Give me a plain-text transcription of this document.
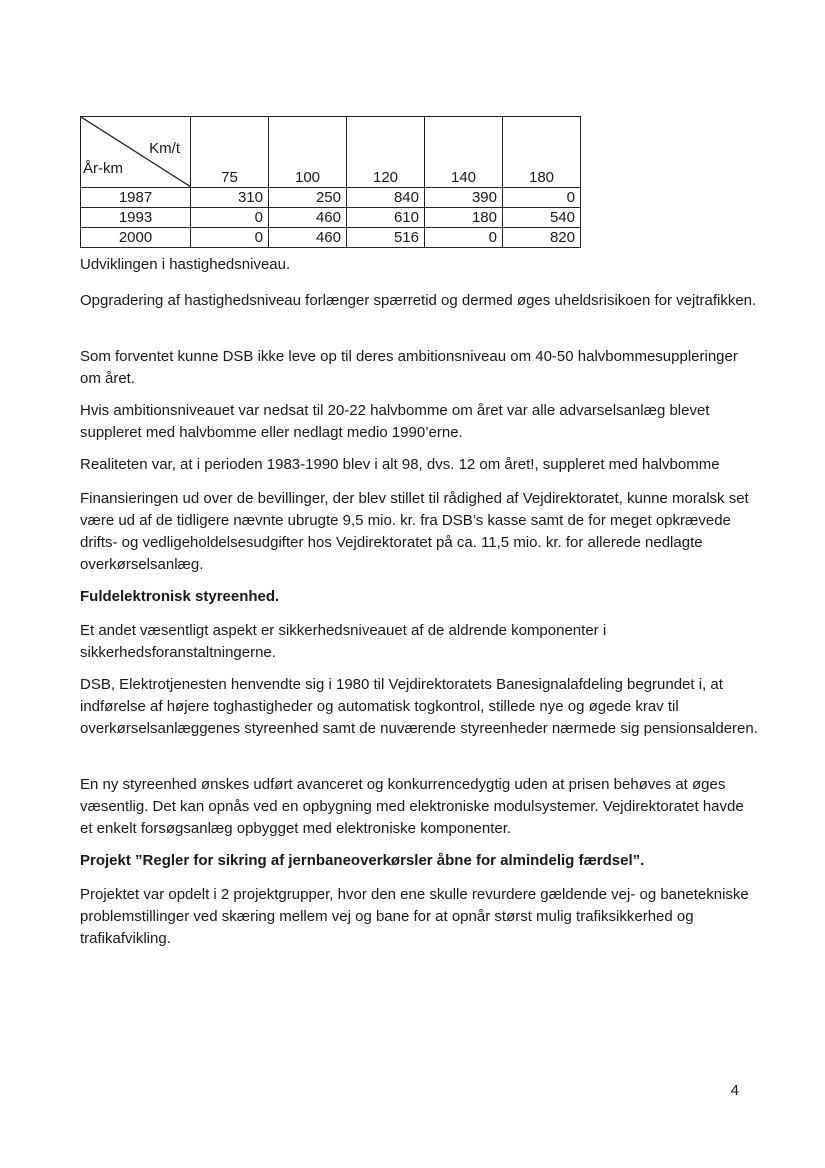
Km/t
År-km	75	100	120	140	180
1987	310	250	840	390	0
1993	0	460	610	180	540
2000	0	460	516	0	820
Udviklingen i hastighedsniveau.

Opgradering af hastighedsniveau forlænger spærretid og dermed øges uheldsrisikoen for vejtrafikken.

Som forventet kunne DSB ikke leve op til deres ambitionsniveau om 40-50 halvbommesuppleringer om året.

Hvis ambitionsniveauet var nedsat til 20-22 halvbomme om året var alle advarselsanlæg blevet suppleret med halvbomme eller nedlagt medio 1990’erne.

Realiteten var, at i perioden 1983-1990 blev i alt 98, dvs. 12 om året!, suppleret med halvbomme

Finansieringen ud over de bevillinger, der blev stillet til rådighed af Vejdirektoratet, kunne moralsk set være ud af de tidligere nævnte ubrugte 9,5 mio. kr. fra DSB’s kasse samt de for meget opkrævede drifts- og vedligeholdelsesudgifter hos Vejdirektoratet på ca. 11,5 mio. kr. for allerede nedlagte overkørselsanlæg.

Fuldelektronisk styreenhed.

Et andet væsentligt aspekt er sikkerhedsniveauet af de aldrende komponenter i sikkerhedsforanstaltningerne.

DSB, Elektrotjenesten henvendte sig i 1980 til Vejdirektoratets Banesignalafdeling begrundet i, at indførelse af højere toghastigheder og automatisk togkontrol, stillede nye og øgede krav til overkørselsanlæggenes styreenhed samt de nuværende styreenheder nærmede sig pensionsalderen.

En ny styreenhed ønskes udført avanceret og konkurrencedygtig uden at prisen behøves at øges væsentlig. Det kan opnås ved en opbygning med elektroniske modulsystemer. Vejdirektoratet havde et enkelt forsøgsanlæg opbygget med elektroniske komponenter.

Projekt ”Regler for sikring af jernbaneoverkørsler åbne for almindelig færdsel”.

Projektet var opdelt i 2 projektgrupper, hvor den ene skulle revurdere gældende vej- og banetekniske problemstillinger ved skæring mellem vej og bane for at opnår størst mulig trafiksikkerhed og trafikafvikling.

4
